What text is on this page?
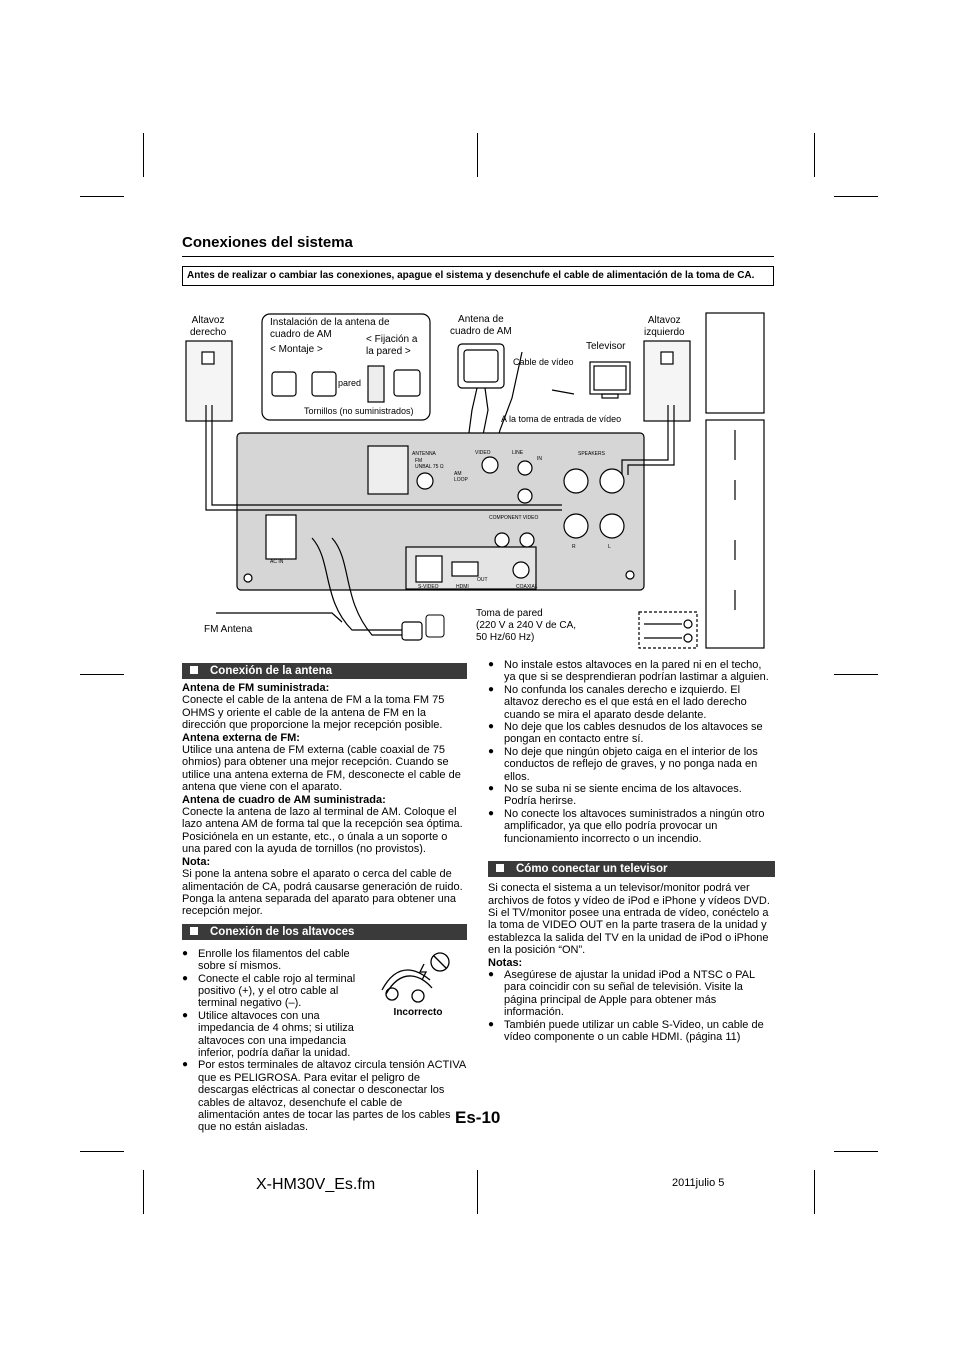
Conexiones del sistema
Antes de realizar o cambiar las conexiones, apague el sistema y desenchufe el cable de alimentación de la toma de CA.
Altavoz
derecho
Instalación de la antena de
cuadro de AM
< Montaje >
< Fijación a
la pared >
pared
Tornillos (no suministrados)
Antena de
cuadro de AM
Cable de vídeo
Televisor
A la toma de entrada de vídeo
Altavoz
izquierdo
FM Antena
Toma de pared
(220 V a 240 V de CA,
50 Hz/60 Hz)
ANTENNA
FM
UNBAL 75 Ω
AM
LOOP
VIDEO	LINE	SPEAKERS
COMPONENT VIDEO
AC IN
S-VIDEO	HDMI	COAXIAL
OUT
IN
R	L
Conexión de la antena

Antena de FM suministrada:

Conecte el cable de la antena de FM a la toma FM 75 OHMS y oriente el cable de la antena de FM en la dirección que proporcione la mejor recepción posible.

Antena externa de FM:

Utilice una antena de FM externa (cable coaxial de 75 ohmios) para obtener una mejor recepción. Cuando se utilice una antena externa de FM, desconecte el cable de antena que viene con el aparato.

Antena de cuadro de AM suministrada:

Conecte la antena de lazo al terminal de AM. Coloque el lazo antena AM de forma tal que la recepción sea óptima. Posiciónela en un estante, etc., o únala a un soporte o una pared con la ayuda de tornillos (no provistos).

Nota:

Si pone la antena sobre el aparato o cerca del cable de alimentación de CA, podrá causarse generación de ruido. Ponga la antena separada del aparato para obtener una recepción mejor.

Conexión de los altavoces
● Enrolle los filamentos del cable sobre sí mismos.
● Conecte el cable rojo al terminal positivo (+), y el otro cable al terminal negativo (–).
● Utilice altavoces con una impedancia de 4 ohms; si utiliza altavoces con una impedancia inferior, podría dañar la unidad.
● Por estos terminales de altavoz circula tensión ACTIVA que es PELIGROSA. Para evitar el peligro de descargas eléctricas al conectar o desconectar los cables de altavoz, desenchufe el cable de alimentación antes de tocar las partes de los cables que no están aisladas.
Incorrecto
● No instale estos altavoces en la pared ni en el techo, ya que si se desprendieran podrían lastimar a alguien.
● No confunda los canales derecho e izquierdo. El altavoz derecho es el que está en el lado derecho cuando se mira el aparato desde delante.
● No deje que los cables desnudos de los altavoces se pongan en contacto entre sí.
● No deje que ningún objeto caiga en el interior de los conductos de reflejo de graves, y no ponga nada en ellos.
● No se suba ni se siente encima de los altavoces. Podría herirse.
● No conecte los altavoces suministrados a ningún otro amplificador, ya que ello podría provocar un funcionamiento incorrecto o un incendio.
Cómo conectar un televisor

Si conecta el sistema a un televisor/monitor podrá ver archivos de fotos y vídeo de iPod e iPhone y vídeos DVD. Si el TV/monitor posee una entrada de vídeo, conéctelo a la toma de VIDEO OUT en la parte trasera de la unidad y establezca la salida del TV en la unidad de iPod o iPhone en la posición “ON”.

Notas:

● Asegúrese de ajustar la unidad iPod a NTSC o PAL para coincidir con su señal de televisión. Visite la página principal de Apple para obtener más información.
● También puede utilizar un cable S-Video, un cable de vídeo componente o un cable HDMI. (página 11)
Es-10
X-HM30V_Es.fm	2011julio 5
